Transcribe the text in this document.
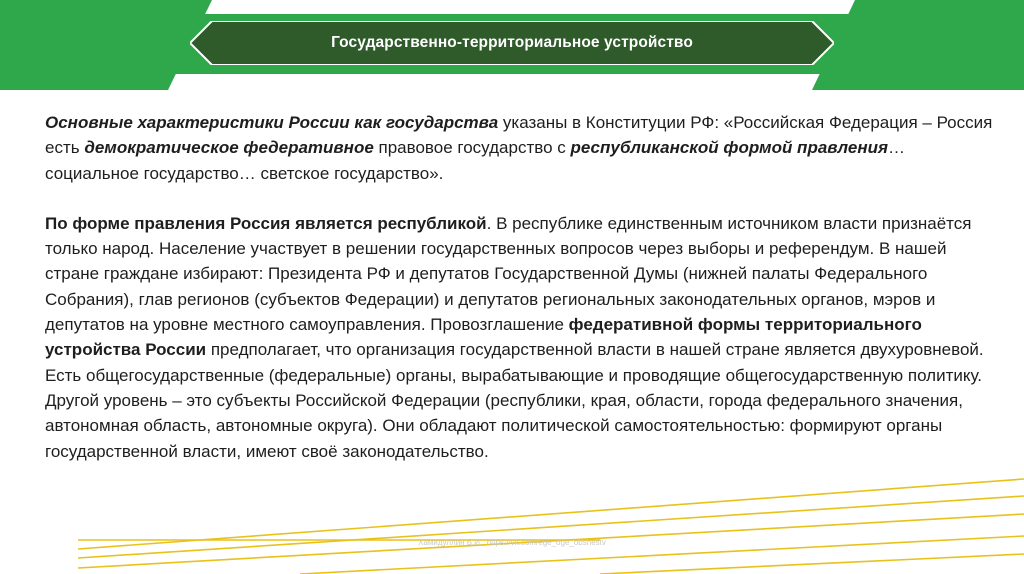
Государственно-территориальное устройство

Основные характеристики России как государства указаны в Конституции РФ: «Российская Федерация – Россия есть демократическое федеративное правовое государство с республиканской формой правления… социальное государство… светское государство».

По форме правления Россия является республикой. В республике единственным источником власти признаётся только народ. Население участвует в решении государственных вопросов через выборы и референдум. В нашей стране граждане избирают: Президента РФ и депутатов Государственной Думы (нижней палаты Федерального Собрания), глав регионов (субъектов Федерации) и депутатов региональных законодательных органов, мэров и депутатов на уровне местного самоуправления. Провозглашение федеративной формы территориального устройства России предполагает, что организация государственной власти в нашей стране является двухуровневой. Есть общегосударственные (федеральные) органы, вырабатывающие и проводящие общегосударственную политику. Другой уровень – это субъекты Российской Федерации (республики, края, области, города федерального значения, автономная область, автономные округа). Они обладают политической самостоятельностью: формируют органы государственной власти, имеют своё законодательство.

Хамидуллин Б.И., https://vk.com/ege_oge_obshestv
